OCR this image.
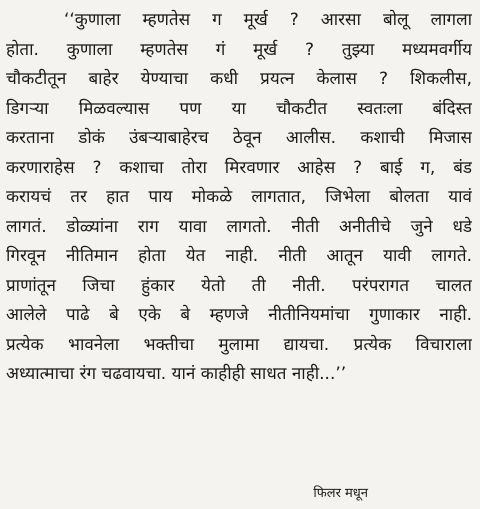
‘‘कुणाला म्हणतेस ग मूर्ख ? आरसा बोलू लागला
होता. कुणाला म्हणतेस गं मूर्ख ? तुझ्या मध्यमवर्गीय
चौकटीतून बाहेर येण्याचा कधी प्रयत्न केलास ? शिकलीस,
डिगऱ्या मिळवल्यास पण या चौकटीत स्वतःला बंदिस्त
करताना डोकं उंबऱ्याबाहेरच ठेवून आलीस. कशाची मिजास
करणाराहेस ? कशाचा तोरा मिरवणार आहेस ? बाई ग, बंड
करायचं तर हात पाय मोकळे लागतात, जिभेला बोलता यावं
लागतं. डोळ्यांना राग यावा लागतो. नीती अनीतीचे जुने धडे
गिरवून नीतिमान होता येत नाही. नीती आतून यावी लागते.
प्राणांतून जिचा हुंकार येतो ती नीती. परंपरागत चालत
आलेले पाढे बे एके बे म्हणजे नीतीनियमांचा गुणाकार नाही.
प्रत्येक भावनेला भक्तीचा मुलामा द्यायचा. प्रत्येक विचाराला
अध्यात्माचा रंग चढवायचा. यानं काहीही साधत नाही...’’
फिलर मधून
